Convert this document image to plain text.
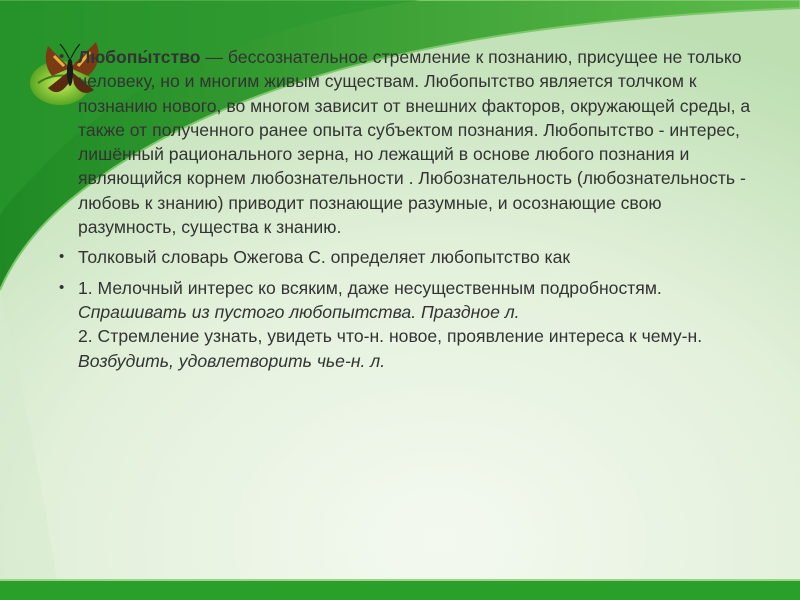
• Любопы́тство — бессознательное стремление к познанию, присущее не только человеку, но и многим живым существам. Любопытство является толчком к познанию нового, во многом зависит от внешних факторов, окружающей среды, а также от полученного ранее опыта субъектом познания. Любопытство - интерес, лишённый рационального зерна, но лежащий в основе любого познания и являющийся корнем любознательности . Любознательность (любознательность - любовь к знанию) приводит познающие разумные, и осознающие свою разумность, существа к знанию.
• Толковый словарь Ожегова С. определяет любопытство как
• 1. Мелочный интерес ко всяким, даже несущественным подробностям. Спрашивать из пустого любопытства. Праздное л.
2. Стремление узнать, увидеть что-н. новое, проявление интереса к чему-н. Возбудить, удовлетворить чье-н. л.
